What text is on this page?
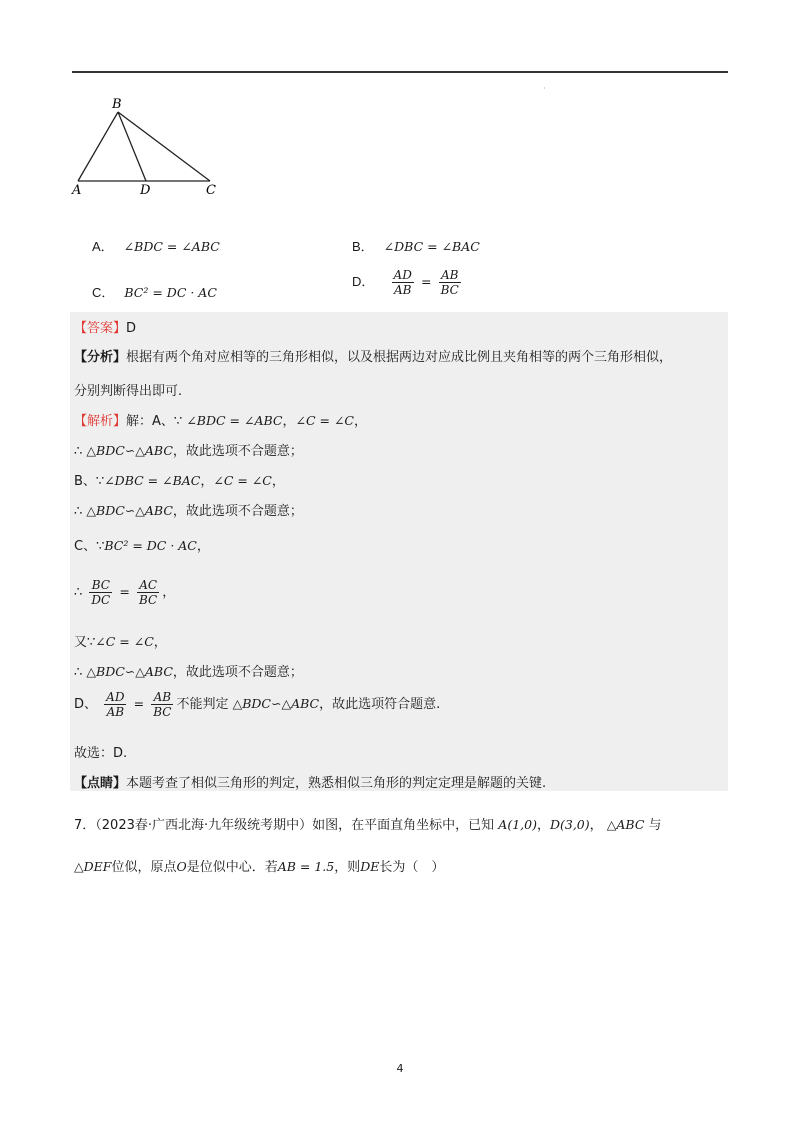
·
B
A	D	C
A． ∠BDC = ∠ABC	B． ∠DBC = ∠BAC
C． BC² = DC · AC
D． $\frac{AD}{AB} = \frac{AB}{BC}$
【答案】D
【分析】根据有两个角对应相等的三角形相似，以及根据两边对应成比例且夹角相等的两个三角形相似，
分别判断得出即可.
【解析】解：A、∵ ∠BDC = ∠ABC，∠C = ∠C，
∴ △BDC∽△ABC，故此选项不合题意；
B、∵∠DBC = ∠BAC，∠C = ∠C，
∴ △BDC∽△ABC，故此选项不合题意；
C、∵BC² = DC · AC，
∴ $\frac{BC}{DC} = \frac{AC}{BC}$ ，
又∵∠C = ∠C，
∴ △BDC∽△ABC，故此选项不合题意；
D、 $\frac{AD}{AB} = \frac{AB}{BC}$ 不能判定 △BDC∽△ABC，故此选项符合题意.
故选：D.
【点睛】本题考查了相似三角形的判定，熟悉相似三角形的判定定理是解题的关键.
7．（2023春·广西北海·九年级统考期中）如图，在平面直角坐标中，已知 A(1,0)，D(3,0)， △ABC 与
△DEF位似，原点O是位似中心．若AB = 1.5，则DE长为（　）
4
